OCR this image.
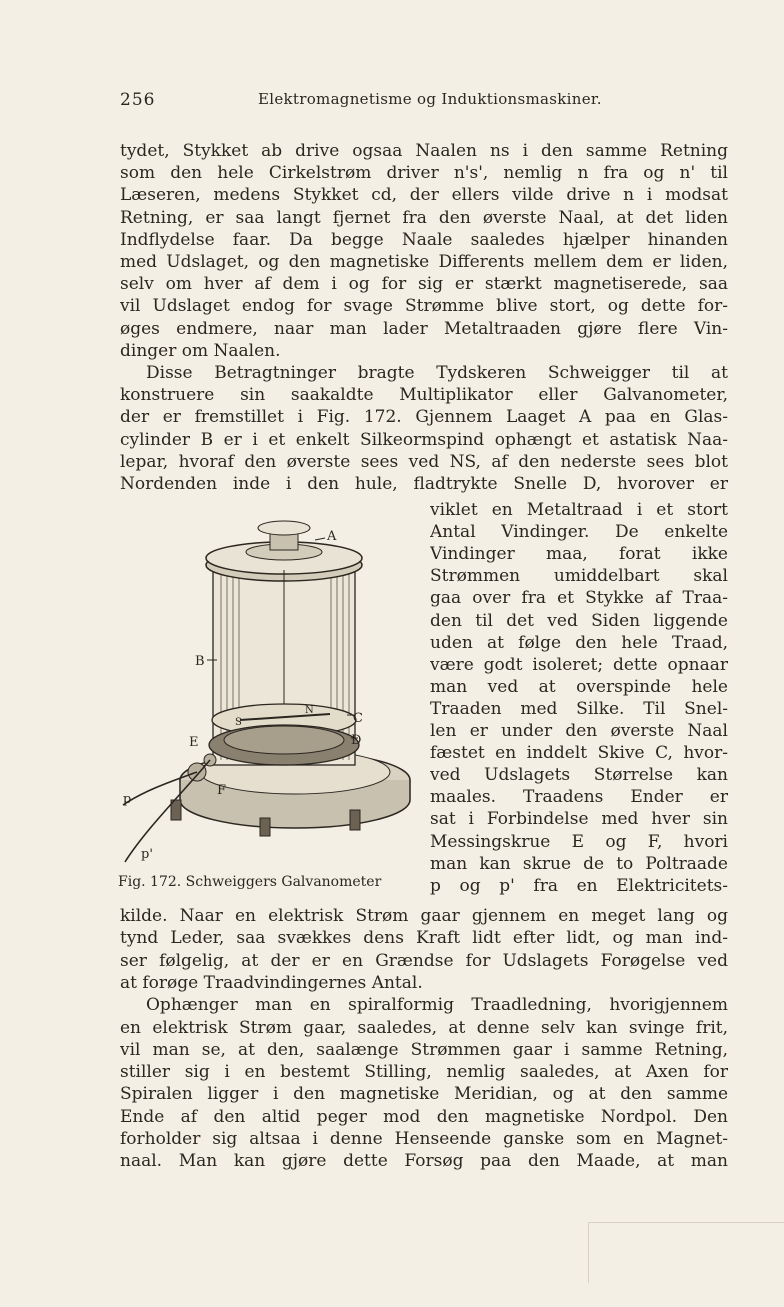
256	Elektromagnetisme og Induktionsmaskiner.
tydet, Stykket ab drive ogsaa Naalen ns i den samme Retning
som den hele Cirkelstrøm driver n's', nemlig n fra og n' til
Læseren, medens Stykket cd, der ellers vilde drive n i modsat
Retning, er saa langt fjernet fra den øverste Naal, at det liden
Indflydelse faar. Da begge Naale saaledes hjælper hinanden
med Udslaget, og den magnetiske Differents mellem dem er liden,
selv om hver af dem i og for sig er stærkt magnetiserede, saa
vil Udslaget endog for svage Strømme blive stort, og dette for-
øges endmere, naar man lader Metaltraaden gjøre flere Vin-
dinger om Naalen.
Disse Betragtninger bragte Tydskeren Schweigger til at
konstruere sin saakaldte Multiplikator eller Galvanometer,
der er fremstillet i Fig. 172. Gjennem Laaget A paa en Glas-
cylinder B er i et enkelt Silkeormspind ophængt et astatisk Naa-
lepar, hvoraf den øverste sees ved NS, af den nederste sees blot
Nordenden inde i den hule, fladtrykte Snelle D, hvorover er
viklet en Metaltraad i et stort
Antal Vindinger. De enkelte
Vindinger maa, forat ikke
Strømmen umiddelbart skal
gaa over fra et Stykke af Traa-
den til det ved Siden liggende
uden at følge den hele Traad,
være godt isoleret; dette opnaar
man ved at overspinde hele
Traaden med Silke. Til Snel-
len er under den øverste Naal
fæstet en inddelt Skive C, hvor-
ved Udslagets Størrelse kan
maales. Traadens Ender er
sat i Forbindelse med hver sin
Messingskrue E og F, hvori
man kan skrue de to Poltraade
p og p' fra en Elektricitets-
kilde. Naar en elektrisk Strøm gaar gjennem en meget lang og
tynd Leder, saa svækkes dens Kraft lidt efter lidt, og man ind-
ser følgelig, at der er en Grændse for Udslagets Forøgelse ved
at forøge Traadvindingernes Antal.
Ophænger man en spiralformig Traadledning, hvorigjennem
en elektrisk Strøm gaar, saaledes, at denne selv kan svinge frit,
vil man se, at den, saalænge Strømmen gaar i samme Retning,
stiller sig i en bestemt Stilling, nemlig saaledes, at Axen for
Spiralen ligger i den magnetiske Meridian, og at den samme
Ende af den altid peger mod den magnetiske Nordpol. Den
forholder sig altsaa i denne Henseende ganske som en Magnet-
naal. Man kan gjøre dette Forsøg paa den Maade, at man
A
B
C
D
E
F
N
S
p
p'
Fig. 172. Schweiggers Galvanometer
